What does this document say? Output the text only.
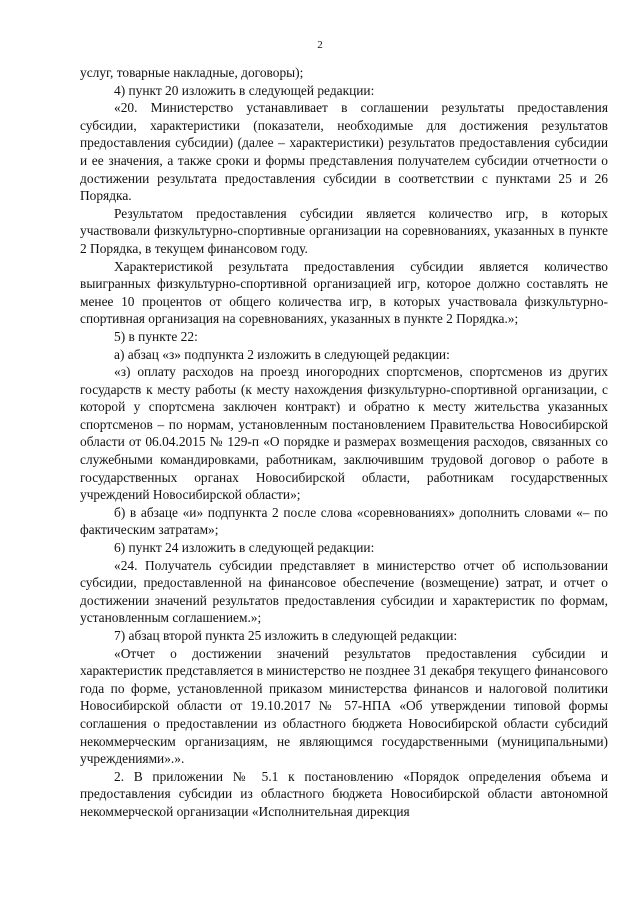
2

услуг, товарные накладные, договоры);

4) пункт 20 изложить в следующей редакции:

«20. Министерство устанавливает в соглашении результаты предоставления субсидии, характеристики (показатели, необходимые для достижения результатов предоставления субсидии) (далее – характеристики) результатов предоставления субсидии и ее значения, а также сроки и формы представления получателем субсидии отчетности о достижении результата предоставления субсидии в соответствии с пунктами 25 и 26 Порядка.

Результатом предоставления субсидии является количество игр, в которых участвовали физкультурно-спортивные организации на соревнованиях, указанных в пункте 2 Порядка, в текущем финансовом году.

Характеристикой результата предоставления субсидии является количество выигранных физкультурно-спортивной организацией игр, которое должно составлять не менее 10 процентов от общего количества игр, в которых участвовала физкультурно-спортивная организация на соревнованиях, указанных в пункте 2 Порядка.»;

5) в пункте 22:

а) абзац «з» подпункта 2 изложить в следующей редакции:

«з) оплату расходов на проезд иногородних спортсменов, спортсменов из других государств к месту работы (к месту нахождения физкультурно-спортивной организации, с которой у спортсмена заключен контракт) и обратно к месту жительства указанных спортсменов – по нормам, установленным постановлением Правительства Новосибирской области от 06.04.2015 № 129-п «О порядке и размерах возмещения расходов, связанных со служебными командировками, работникам, заключившим трудовой договор о работе в государственных органах Новосибирской области, работникам государственных учреждений Новосибирской области»;

б) в абзаце «и» подпункта 2 после слова «соревнованиях» дополнить словами «– по фактическим затратам»;

6) пункт 24 изложить в следующей редакции:

«24. Получатель субсидии представляет в министерство отчет об использовании субсидии, предоставленной на финансовое обеспечение (возмещение) затрат, и отчет о достижении значений результатов предоставления субсидии и характеристик по формам, установленным соглашением.»;

7) абзац второй пункта 25 изложить в следующей редакции:

«Отчет о достижении значений результатов предоставления субсидии и характеристик представляется в министерство не позднее 31 декабря текущего финансового года по форме, установленной приказом министерства финансов и налоговой политики Новосибирской области от 19.10.2017 № 57-НПА «Об утверждении типовой формы соглашения о предоставлении из областного бюджета Новосибирской области субсидий некоммерческим организациям, не являющимся государственными (муниципальными) учреждениями».».

2. В приложении № 5.1 к постановлению «Порядок определения объема и предоставления субсидии из областного бюджета Новосибирской области автономной некоммерческой организации «Исполнительная дирекция
